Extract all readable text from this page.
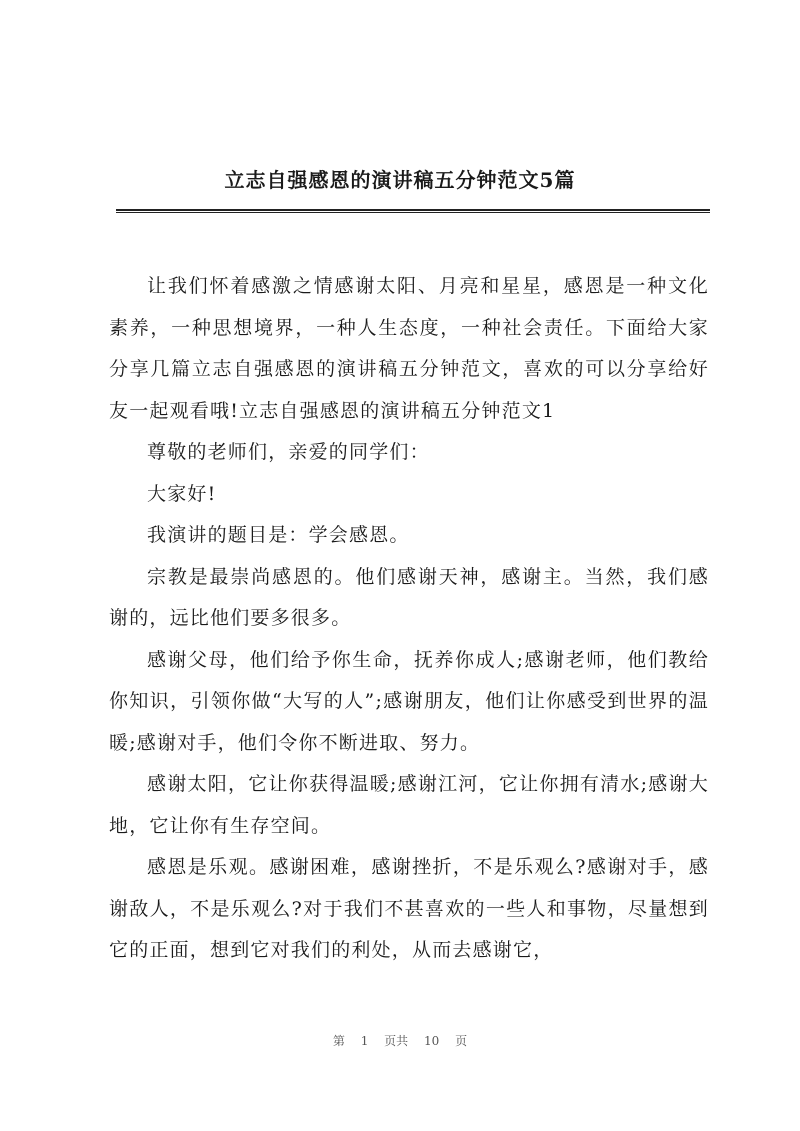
立志自强感恩的演讲稿五分钟范文5篇

让我们怀着感激之情感谢太阳、月亮和星星，感恩是一种文化素养，一种思想境界，一种人生态度，一种社会责任。下面给大家分享几篇立志自强感恩的演讲稿五分钟范文，喜欢的可以分享给好友一起观看哦!立志自强感恩的演讲稿五分钟范文1

尊敬的老师们，亲爱的同学们：

大家好!

我演讲的题目是：学会感恩。

宗教是最崇尚感恩的。他们感谢天神，感谢主。当然，我们感谢的，远比他们要多很多。

感谢父母，他们给予你生命，抚养你成人;感谢老师，他们教给你知识，引领你做“大写的人”;感谢朋友，他们让你感受到世界的温暖;感谢对手，他们令你不断进取、努力。

感谢太阳，它让你获得温暖;感谢江河，它让你拥有清水;感谢大地，它让你有生存空间。

感恩是乐观。感谢困难，感谢挫折，不是乐观么?感谢对手，感谢敌人，不是乐观么?对于我们不甚喜欢的一些人和事物，尽量想到它的正面，想到它对我们的利处，从而去感谢它，

第 1 页共 10 页
